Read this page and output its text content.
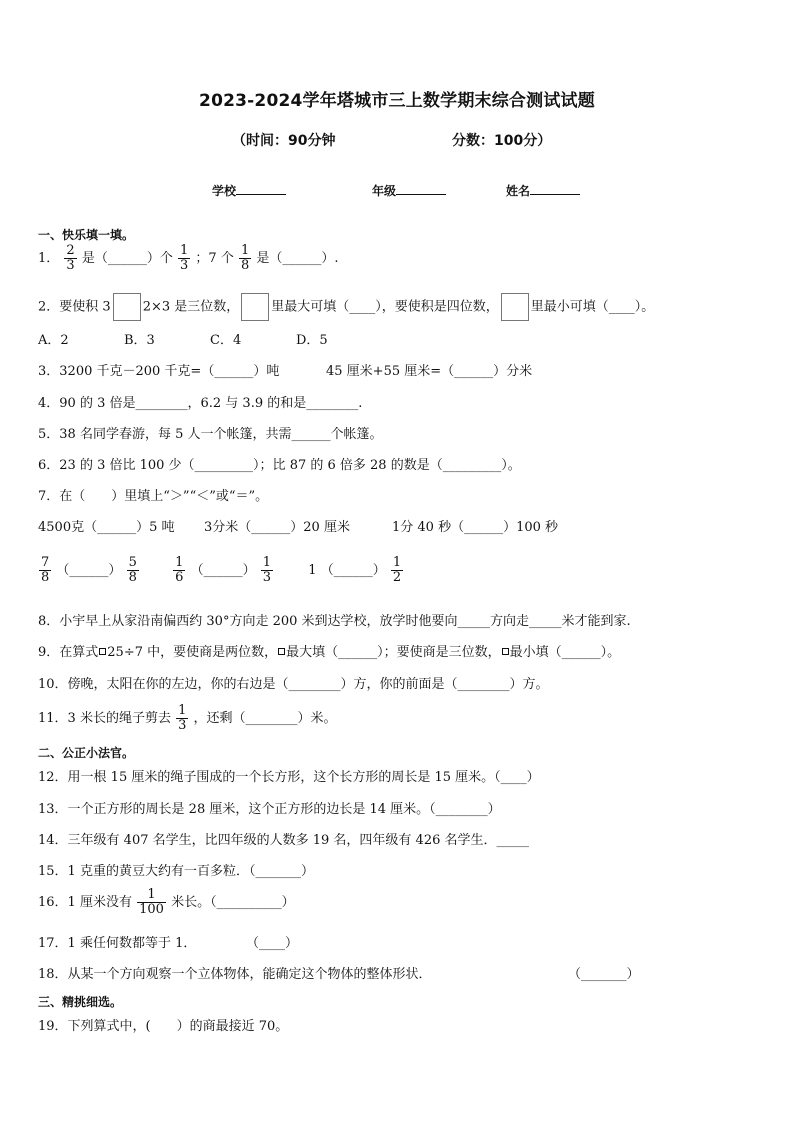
2023-2024学年塔城市三上数学期末综合测试试题
（时间：90分钟	分数：100分）
学校	年级	姓名
一、快乐填一填。
1． $\frac{2}{3}$ 是（______）个 $\frac{1}{3}$ ；7 个 $\frac{1}{8}$ 是（______）.
2．要使积 3 2×3 是三位数， 里最大可填（____），要使积是四位数， 里最小可填（____）。
A．2	B．3	C．4	D．5
3．3200 千克－200 千克=（______）吨	45 厘米+55 厘米=（______）分米
4．90 的 3 倍是________，6.2 与 3.9 的和是________.
5．38 名同学春游，每 5 人一个帐篷，共需______个帐篷。
6．23 的 3 倍比 100 少（_________）；比 87 的 6 倍多 28 的数是（_________）。
7．在（　　）里填上“＞”“＜”或“＝”。
4500克（______）5 吨 3分米（______）20 厘米	1分 40 秒（______）100 秒
$\frac{7}{8}$ （______） $\frac{5}{8}$
	$\frac{1}{6}$ （______） $\frac{1}{3}$	1 （______） $\frac{1}{2}$
8．小宇早上从家沿南偏西约 30°方向走 200 米到达学校，放学时他要向_____方向走_____米才能到家.
9．在算式 25÷7 中，要使商是两位数， 最大填（______）；要使商是三位数， 最小填（______）。
10．傍晚，太阳在你的左边，你的右边是（________）方，你的前面是（________）方。
11．3 米长的绳子剪去 $\frac{1}{3}$ ，还剩（________）米。
二、公正小法官。
12．用一根 15 厘米的绳子围成的一个长方形，这个长方形的周长是 15 厘米。（____）
13．一个正方形的周长是 28 厘米，这个正方形的边长是 14 厘米。（________）
14．三年级有 407 名学生，比四年级的人数多 19 名，四年级有 426 名学生．_____
15．1 克重的黄豆大约有一百多粒．（_______）
16．1 厘米没有 $\frac{1}{100}$ 米长。（__________）
17．1 乘任何数都等于 1．	（____）
18．从某一个方向观察一个立体物体，能确定这个物体的整体形状．	（_______）
三、精挑细选。
19．下列算式中，(　　）的商最接近 70。
